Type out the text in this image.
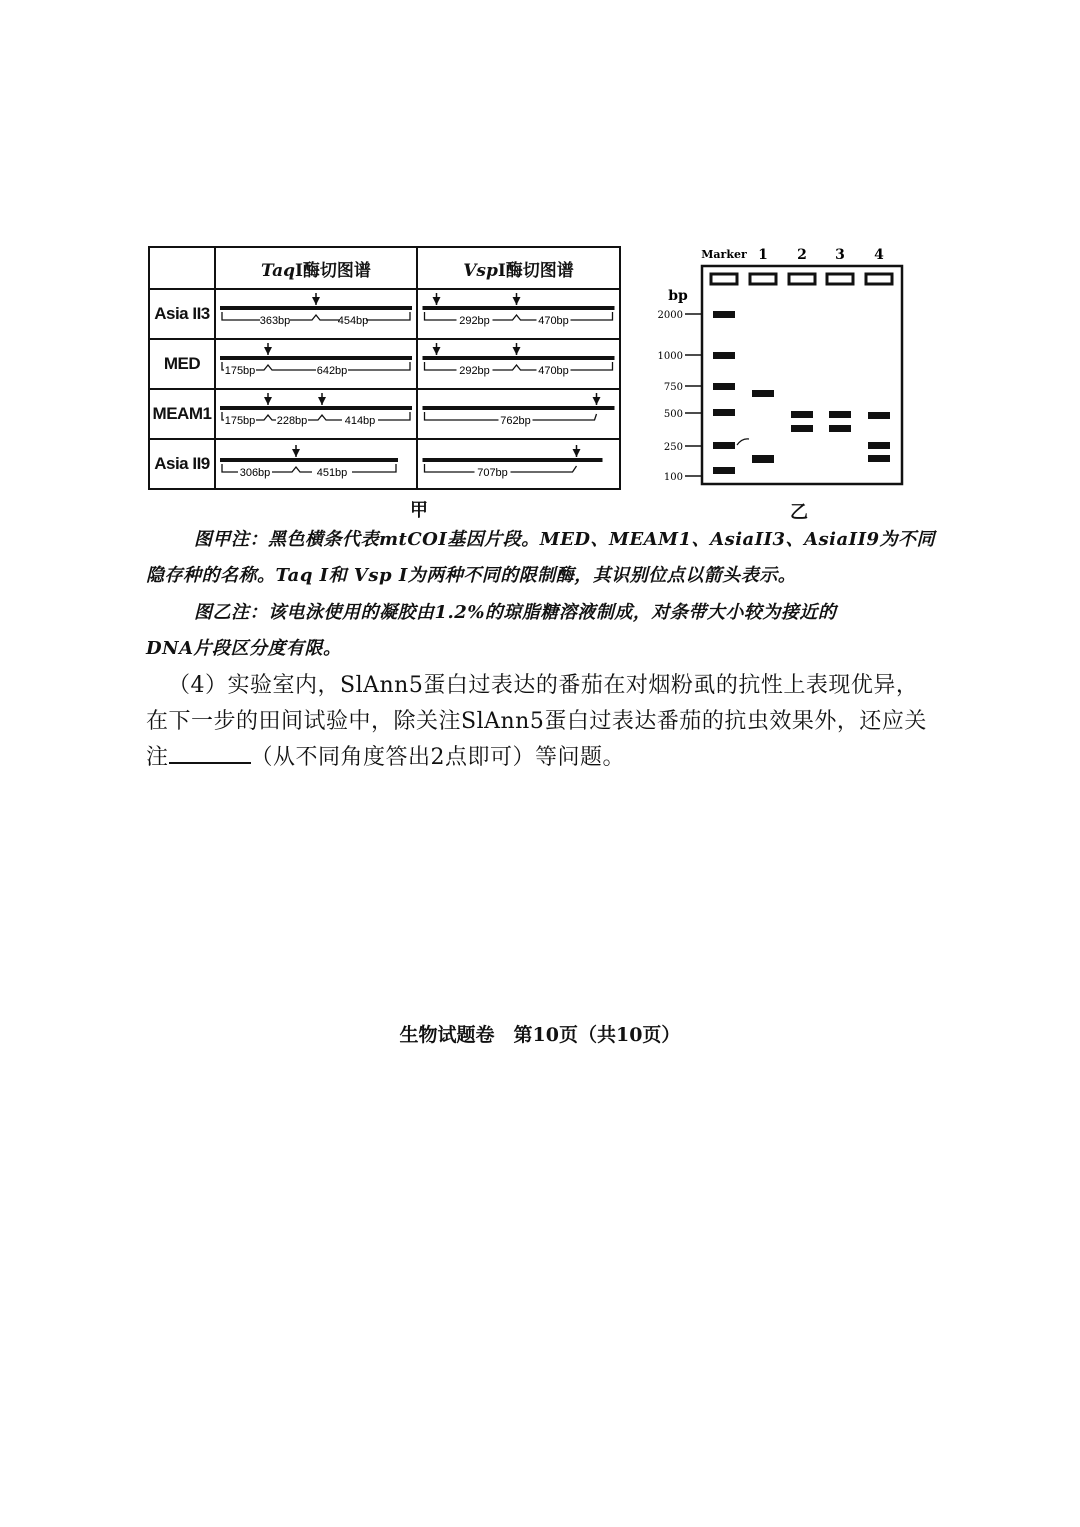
	TaqI酶切图谱	VspI酶切图谱
Asia II3	363bp 454bp	292bp 470bp

MED	175bp 642bp	292bp 470bp

MEAM1	175bp 228bp 414bp	762bp

Asia II9	306bp 451bp	707bp
甲
Marker 1 2 3 4
bp
2000
1000
750
500
250
100
乙
图甲注：黑色横条代表mtCOI基因片段。MED、MEAM1、AsiaII3、AsiaII9为不同
隐存种的名称。Taq Ⅰ和 Vsp Ⅰ为两种不同的限制酶，其识别位点以箭头表示。
图乙注：该电泳使用的凝胶由1.2%的琼脂糖溶液制成，对条带大小较为接近的
DNA片段区分度有限。
（4）实验室内，SlAnn5蛋白过表达的番茄在对烟粉虱的抗性上表现优异，
在下一步的田间试验中，除关注SlAnn5蛋白过表达番茄的抗虫效果外，还应关
注	（从不同角度答出2点即可）等问题。
生物试题卷　第10页（共10页）
